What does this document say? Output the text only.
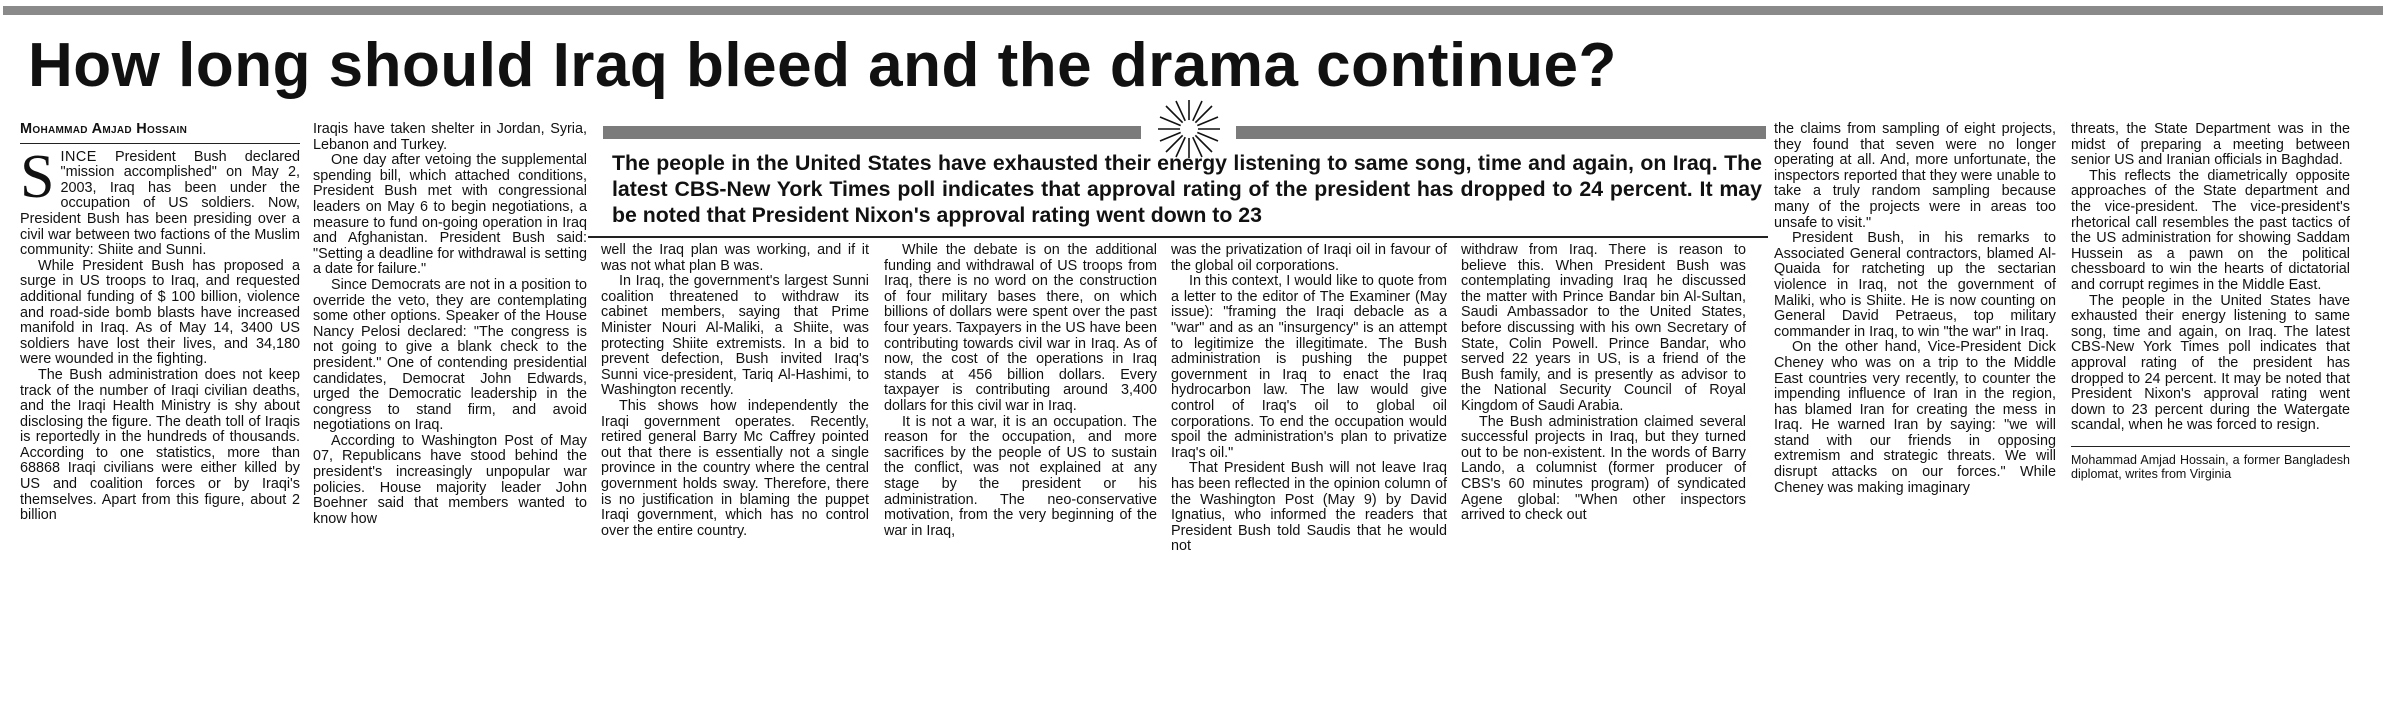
How long should Iraq bleed and the drama continue?
Mohammad Amjad Hossain

SINCE President Bush declared "mission accomplished" on May 2, 2003, Iraq has been under the occupation of US soldiers. Now, President Bush has been presiding over a civil war between two factions of the Muslim community: Shiite and Sunni.

While President Bush has proposed a surge in US troops to Iraq, and requested additional funding of $ 100 billion, violence and road-side bomb blasts have increased manifold in Iraq. As of May 14, 3400 US soldiers have lost their lives, and 34,180 were wounded in the fighting.

The Bush administration does not keep track of the number of Iraqi civilian deaths, and the Iraqi Health Ministry is shy about disclosing the figure. The death toll of Iraqis is reportedly in the hundreds of thousands. According to one statistics, more than 68868 Iraqi civilians were either killed by US and coalition forces or by Iraqi's themselves. Apart from this figure, about 2 billion

Iraqis have taken shelter in Jordan, Syria, Lebanon and Turkey.

One day after vetoing the supplemental spending bill, which attached conditions, President Bush met with congressional leaders on May 6 to begin negotiations, a measure to fund on-going operation in Iraq and Afghanistan. President Bush said: "Setting a deadline for withdrawal is setting a date for failure."

Since Democrats are not in a position to override the veto, they are contemplating some other options. Speaker of the House Nancy Pelosi declared: "The congress is not going to give a blank check to the president." One of contending presidential candidates, Democrat John Edwards, urged the Democratic leadership in the congress to stand firm, and avoid negotiations on Iraq.

According to Washington Post of May 07, Republicans have stood behind the president's increasingly unpopular war policies. House majority leader John Boehner said that members wanted to know how

The people in the United States have exhausted their energy listening to same song, time and again, on Iraq. The latest CBS-New York Times poll indicates that approval rating of the president has dropped to 24 percent. It may be noted that President Nixon's approval rating went down to 23

well the Iraq plan was working, and if it was not what plan B was.

In Iraq, the government's largest Sunni coalition threatened to withdraw its cabinet members, saying that Prime Minister Nouri Al-Maliki, a Shiite, was protecting Shiite extremists. In a bid to prevent defection, Bush invited Iraq's Sunni vice-president, Tariq Al-Hashimi, to Washington recently.

This shows how independently the Iraqi government operates. Recently, retired general Barry Mc Caffrey pointed out that there is essentially not a single province in the country where the central government holds sway. Therefore, there is no justification in blaming the puppet Iraqi government, which has no control over the entire country.

While the debate is on the additional funding and withdrawal of US troops from Iraq, there is no word on the construction of four military bases there, on which billions of dollars were spent over the past four years. Taxpayers in the US have been contributing towards civil war in Iraq. As of now, the cost of the operations in Iraq stands at 456 billion dollars. Every taxpayer is contributing around 3,400 dollars for this civil war in Iraq.

It is not a war, it is an occupation. The reason for the occupation, and more sacrifices by the people of US to sustain the conflict, was not explained at any stage by the president or his administration. The neo-conservative motivation, from the very beginning of the war in Iraq,

was the privatization of Iraqi oil in favour of the global oil corporations.

In this context, I would like to quote from a letter to the editor of The Examiner (May issue): "framing the Iraqi debacle as a "war" and as an "insurgency" is an attempt to legitimize the illegitimate. The Bush administration is pushing the puppet government in Iraq to enact the Iraq hydrocarbon law. The law would give control of Iraq's oil to global oil corporations. To end the occupation would spoil the administration's plan to privatize Iraq's oil."

That President Bush will not leave Iraq has been reflected in the opinion column of the Washington Post (May 9) by David Ignatius, who informed the readers that President Bush told Saudis that he would not

withdraw from Iraq. There is reason to believe this. When President Bush was contemplating invading Iraq he discussed the matter with Prince Bandar bin Al-Sultan, Saudi Ambassador to the United States, before discussing with his own Secretary of State, Colin Powell. Prince Bandar, who served 22 years in US, is a friend of the Bush family, and is presently as advisor to the National Security Council of Royal Kingdom of Saudi Arabia.

The Bush administration claimed several successful projects in Iraq, but they turned out to be non-existent. In the words of Barry Lando, a columnist (former producer of CBS's 60 minutes program) of syndicated Agene global: "When other inspectors arrived to check out

the claims from sampling of eight projects, they found that seven were no longer operating at all. And, more unfortunate, the inspectors reported that they were unable to take a truly random sampling because many of the projects were in areas too unsafe to visit."

President Bush, in his remarks to Associated General contractors, blamed Al-Quaida for ratcheting up the sectarian violence in Iraq, not the government of Maliki, who is Shiite. He is now counting on General David Petraeus, top military commander in Iraq, to win "the war" in Iraq.

On the other hand, Vice-President Dick Cheney who was on a trip to the Middle East countries very recently, to counter the impending influence of Iran in the region, has blamed Iran for creating the mess in Iraq. He warned Iran by saying: "we will stand with our friends in opposing extremism and strategic threats. We will disrupt attacks on our forces." While Cheney was making imaginary

threats, the State Department was in the midst of preparing a meeting between senior US and Iranian officials in Baghdad.

This reflects the diametrically opposite approaches of the State department and the vice-president. The vice-president's rhetorical call resembles the past tactics of the US administration for showing Saddam Hussein as a pawn on the political chessboard to win the hearts of dictatorial and corrupt regimes in the Middle East.

The people in the United States have exhausted their energy listening to same song, time and again, on Iraq. The latest CBS-New York Times poll indicates that approval rating of the president has dropped to 24 percent. It may be noted that President Nixon's approval rating went down to 23 percent during the Watergate scandal, when he was forced to resign.

Mohammad Amjad Hossain, a former Bangladesh diplomat, writes from Virginia
